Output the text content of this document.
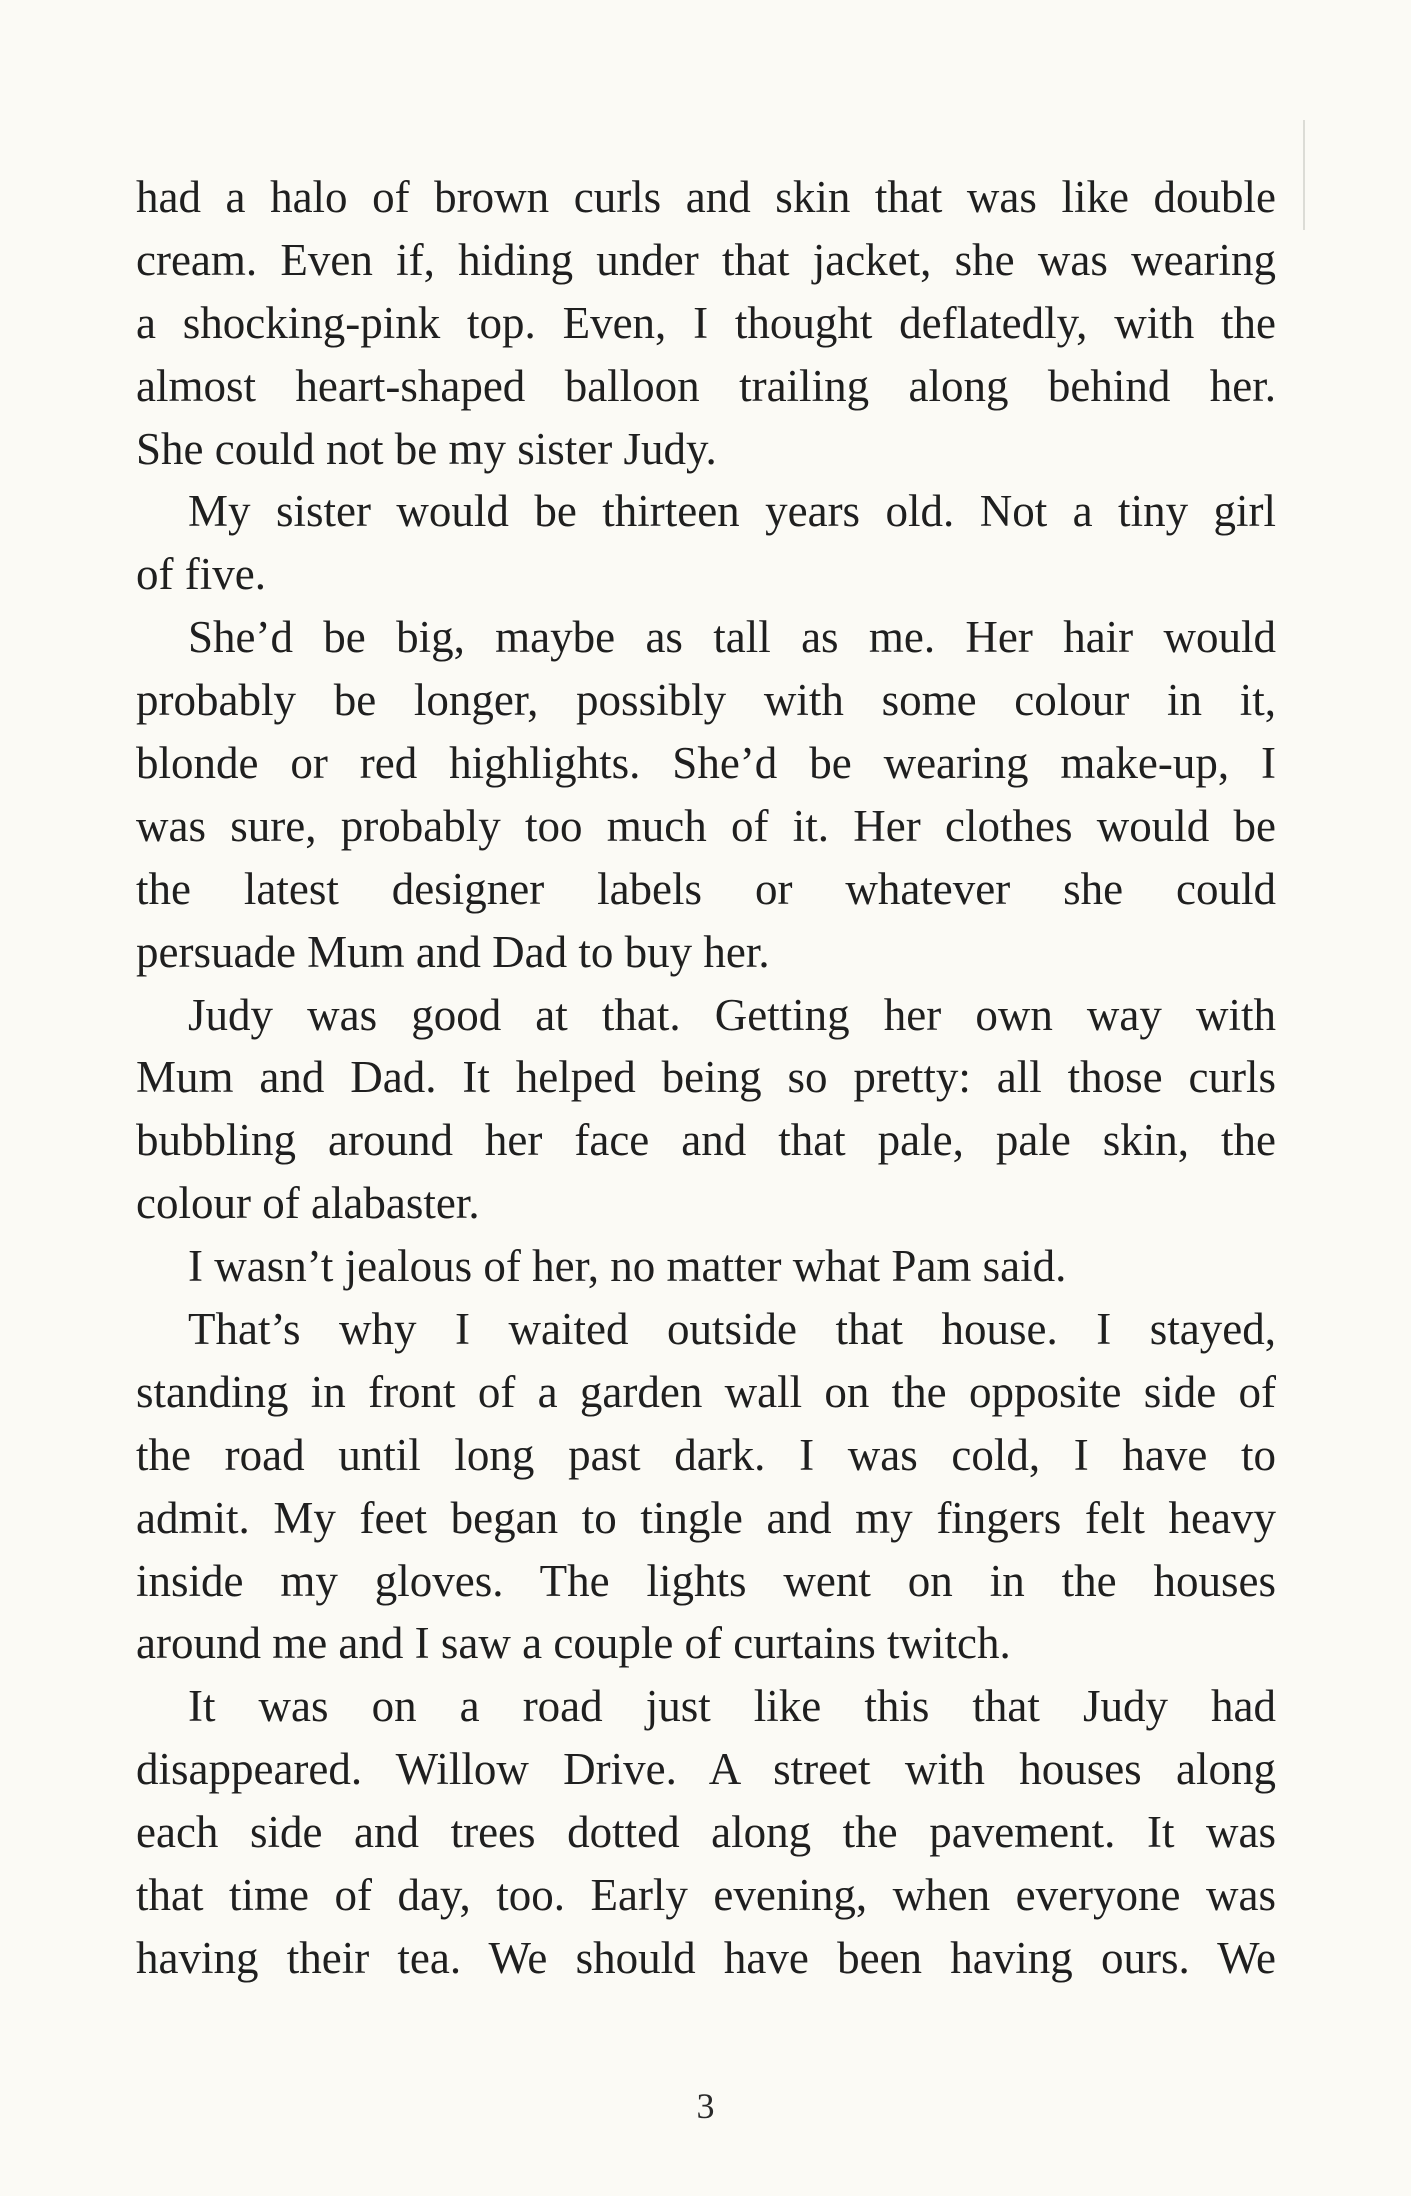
had a halo of brown curls and skin that was like double
cream. Even if, hiding under that jacket, she was wearing
a shocking-pink top. Even, I thought deflatedly, with the
almost heart-shaped balloon trailing along behind her.
She could not be my sister Judy.
My sister would be thirteen years old. Not a tiny girl
of five.
She’d be big, maybe as tall as me. Her hair would
probably be longer, possibly with some colour in it,
blonde or red highlights. She’d be wearing make-up, I
was sure, probably too much of it. Her clothes would be
the latest designer labels or whatever she could
persuade Mum and Dad to buy her.
Judy was good at that. Getting her own way with
Mum and Dad. It helped being so pretty: all those curls
bubbling around her face and that pale, pale skin, the
colour of alabaster.
I wasn’t jealous of her, no matter what Pam said.
That’s why I waited outside that house. I stayed,
standing in front of a garden wall on the opposite side of
the road until long past dark. I was cold, I have to
admit. My feet began to tingle and my fingers felt heavy
inside my gloves. The lights went on in the houses
around me and I saw a couple of curtains twitch.
It was on a road just like this that Judy had
disappeared. Willow Drive. A street with houses along
each side and trees dotted along the pavement. It was
that time of day, too. Early evening, when everyone was
having their tea. We should have been having ours. We
3
